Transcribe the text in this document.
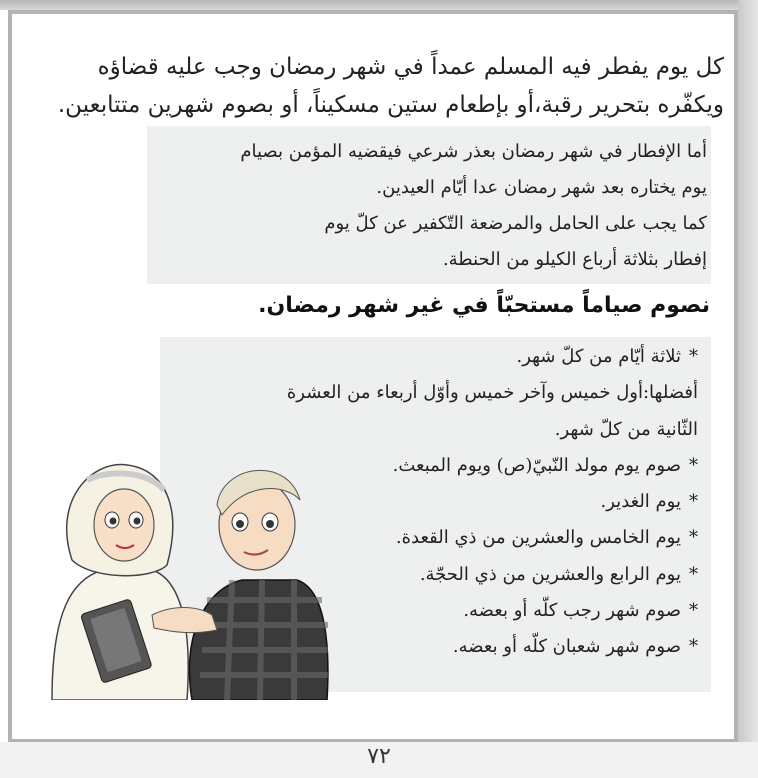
كل يوم يفطر فيه المسلم عمداً في شهر رمضان وجب عليه قضاؤه
ويكفّره بتحرير رقبة،أو بإطعام ستين مسكيناً، أو بصوم شهرين متتابعين.
أما الإفطار في شهر رمضان بعذر شرعي فيقضيه المؤمن بصيام
يوم يختاره بعد شهر رمضان عدا أيّام العيدين.
كما يجب على الحامل والمرضعة التّكفير عن كلّ يوم
إفطار بثلاثة أرباع الكيلو من الحنطة.
نصوم صياماً مستحبّاً في غير شهر رمضان.
*ثلاثة أيّام من كلّ شهر.
أفضلها:أول خميس وآخر خميس وأوّل أربعاء من العشرة
الثّانية من كلّ شهر.
*صوم يوم مولد النّبيّ(ص) ويوم المبعث.
*يوم الغدير.
*يوم الخامس والعشرين من ذي القعدة.
*يوم الرابع والعشرين من ذي الحجّة.
*صوم شهر رجب كلّه أو بعضه.
*صوم شهر شعبان كلّه أو بعضه.
٧٢
